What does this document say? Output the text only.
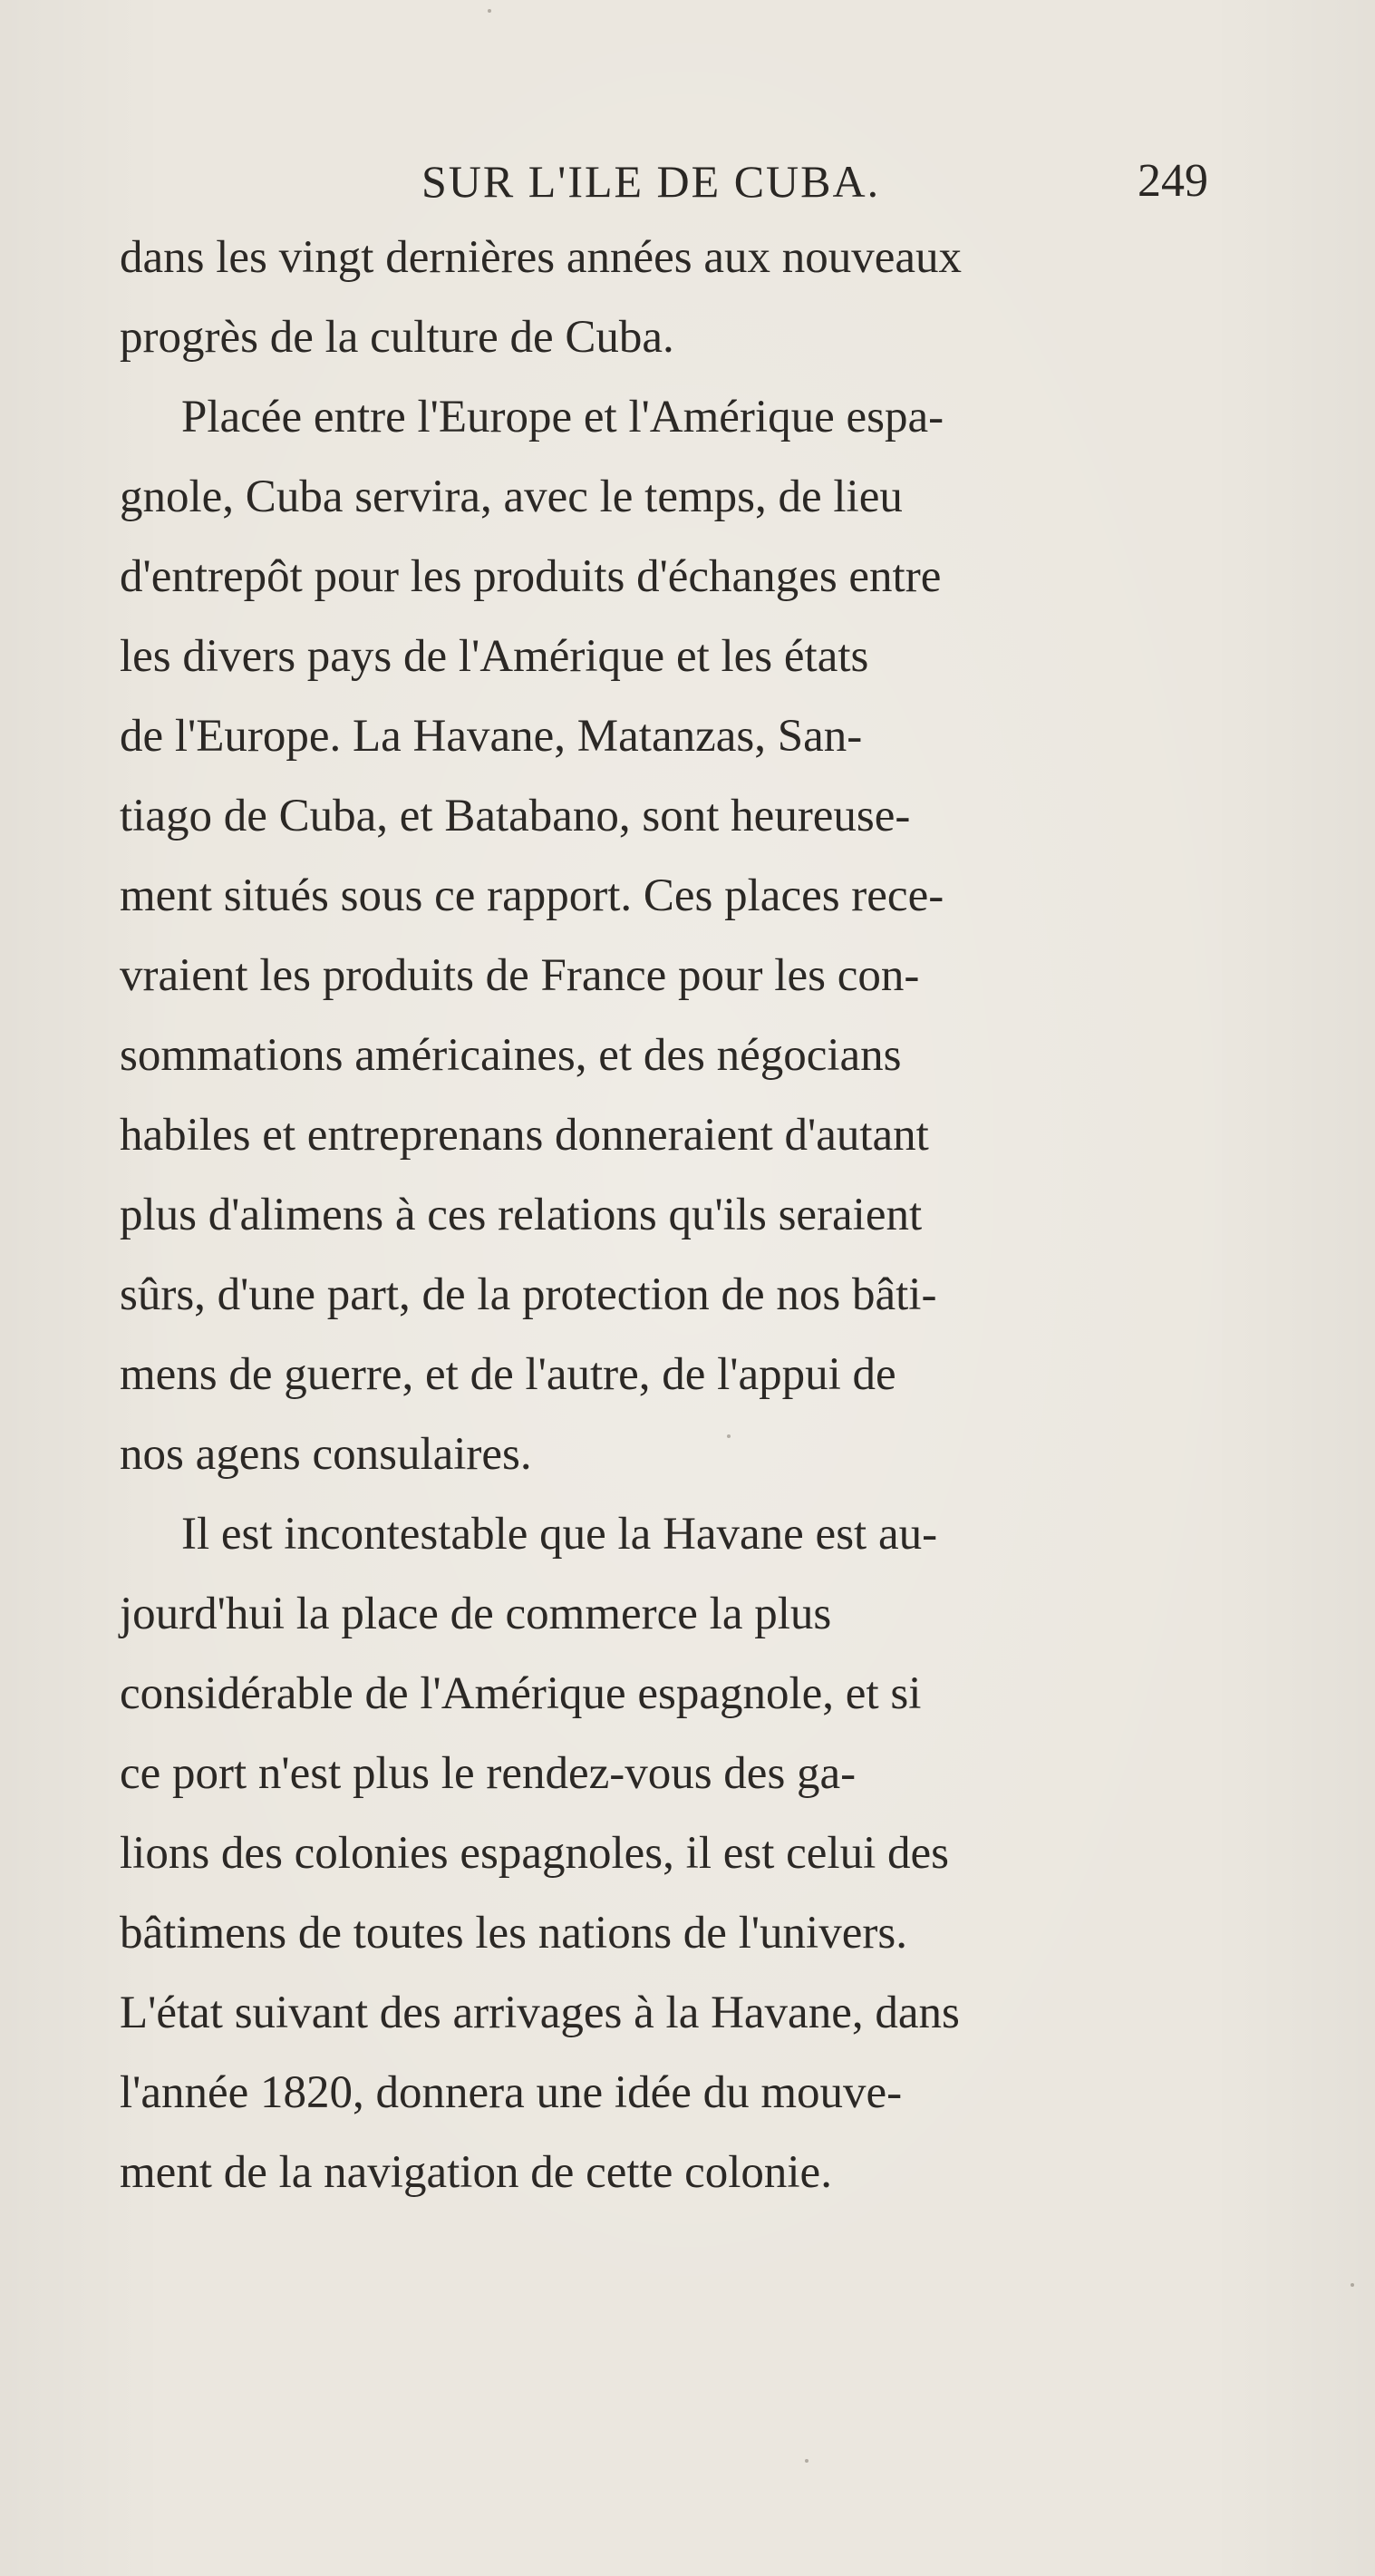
SUR L'ILE DE CUBA.	249
dans les vingt dernières années aux nouveaux
progrès de la culture de Cuba.
Placée entre l'Europe et l'Amérique espa-
gnole, Cuba servira, avec le temps, de lieu
d'entrepôt pour les produits d'échanges entre
les divers pays de l'Amérique et les états
de l'Europe. La Havane, Matanzas, San-
tiago de Cuba, et Batabano, sont heureuse-
ment situés sous ce rapport. Ces places rece-
vraient les produits de France pour les con-
sommations américaines, et des négocians
habiles et entreprenans donneraient d'autant
plus d'alimens à ces relations qu'ils seraient
sûrs, d'une part, de la protection de nos bâti-
mens de guerre, et de l'autre, de l'appui de
nos agens consulaires.
Il est incontestable que la Havane est au-
jourd'hui la place de commerce la plus
considérable de l'Amérique espagnole, et si
ce port n'est plus le rendez-vous des ga-
lions des colonies espagnoles, il est celui des
bâtimens de toutes les nations de l'univers.
L'état suivant des arrivages à la Havane, dans
l'année 1820, donnera une idée du mouve-
ment de la navigation de cette colonie.
